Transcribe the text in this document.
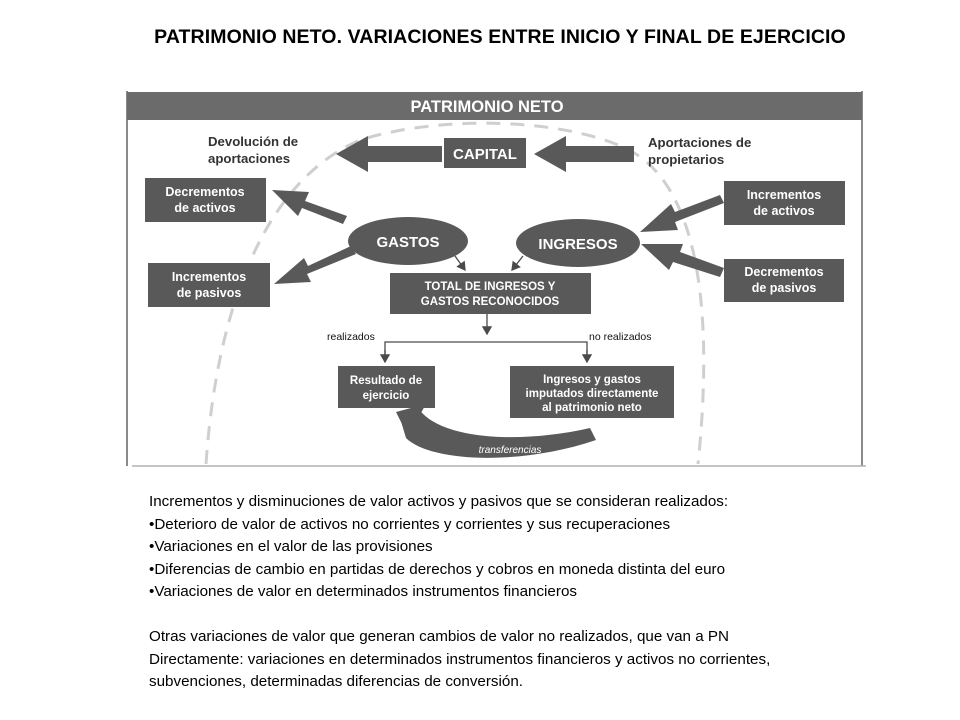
PATRIMONIO NETO. VARIACIONES ENTRE INICIO Y FINAL DE EJERCICIO
PATRIMONIO NETO
CAPITAL
Decrementos
de activos
Incrementos
de pasivos
Incrementos
de activos
Decrementos
de pasivos
GASTOS	INGRESOS
TOTAL DE INGRESOS Y
GASTOS RECONOCIDOS
realizados	no realizados
Resultado de
ejercicio
Ingresos y gastos
imputados directamente
al patrimonio neto
transferencias
Devolución de
aportaciones
Aportaciones de
propietarios

Incrementos y disminuciones de valor activos y pasivos que se consideran realizados:

•Deterioro de valor de activos no corrientes y corrientes y sus recuperaciones

•Variaciones en el valor de las provisiones

•Diferencias de cambio en partidas de derechos y cobros en moneda distinta del euro

•Variaciones de valor en determinados instrumentos financieros

Otras variaciones de valor que generan cambios de valor no realizados, que van a PN

Directamente: variaciones en determinados instrumentos financieros y activos no corrientes,

subvenciones, determinadas diferencias de conversión.
